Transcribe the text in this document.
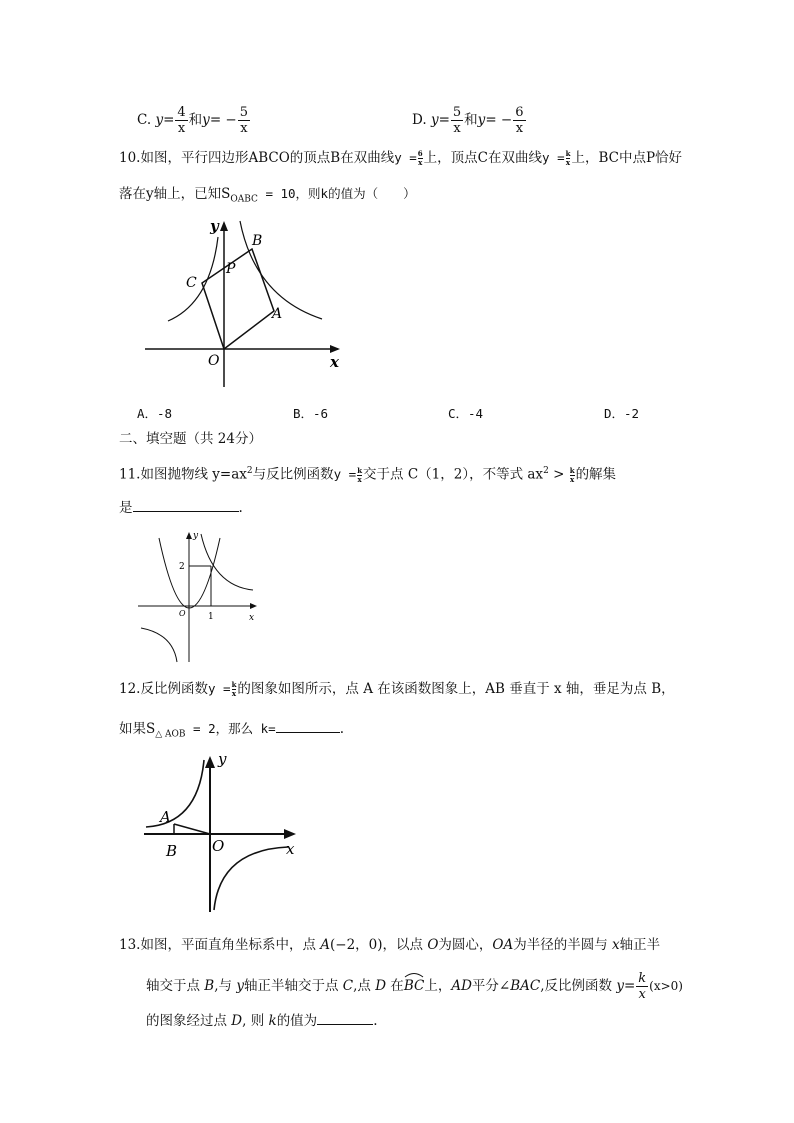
C. $y= \frac{4}{x}$ 和$y= - \frac{5}{x}$	D. $y= \frac{5}{x}$ 和$y= - \frac{6}{x}$
10.如图，平行四边形ABCO的顶点B在双曲线$y = \frac{6}{x}$ 上，顶点C在双曲线$y = \frac{k}{x}$ 上，BC中点P恰好
落在y轴上，已知$S_{OABC} = 10$，则k的值为（　　）
y
x
O
A
B
C
P
A．-8	B．-6	C．-4	D．-2
二、填空题（共 24分）
11.如图抛物线 $y=ax^2$与反比例函数$y = \frac{k}{x}$ 交于点 C（1，2），不等式 $ax^2 > \frac{k}{x}$ 的解集
是	.
y
x
O
2
1
12.反比例函数$y = \frac{k}{x}$ 的图象如图所示，点 A 在该函数图象上，AB 垂直于 x 轴，垂足为点 B，
如果$S_{\triangle AOB} = 2$，那么 k=	.
y
x
O
A
B
13.如图，平面直角坐标系中，点 A(−2，0)，以点 O为圆心，OA为半径的半圆与 x轴正半
轴交于点 B,与 y轴正半轴交于点 C,点 D 在
BC上，AD平分∠BAC,反比例函数 $y= \frac{k}{x} (x>0)$
的图象经过点 D, 则 k的值为	.
